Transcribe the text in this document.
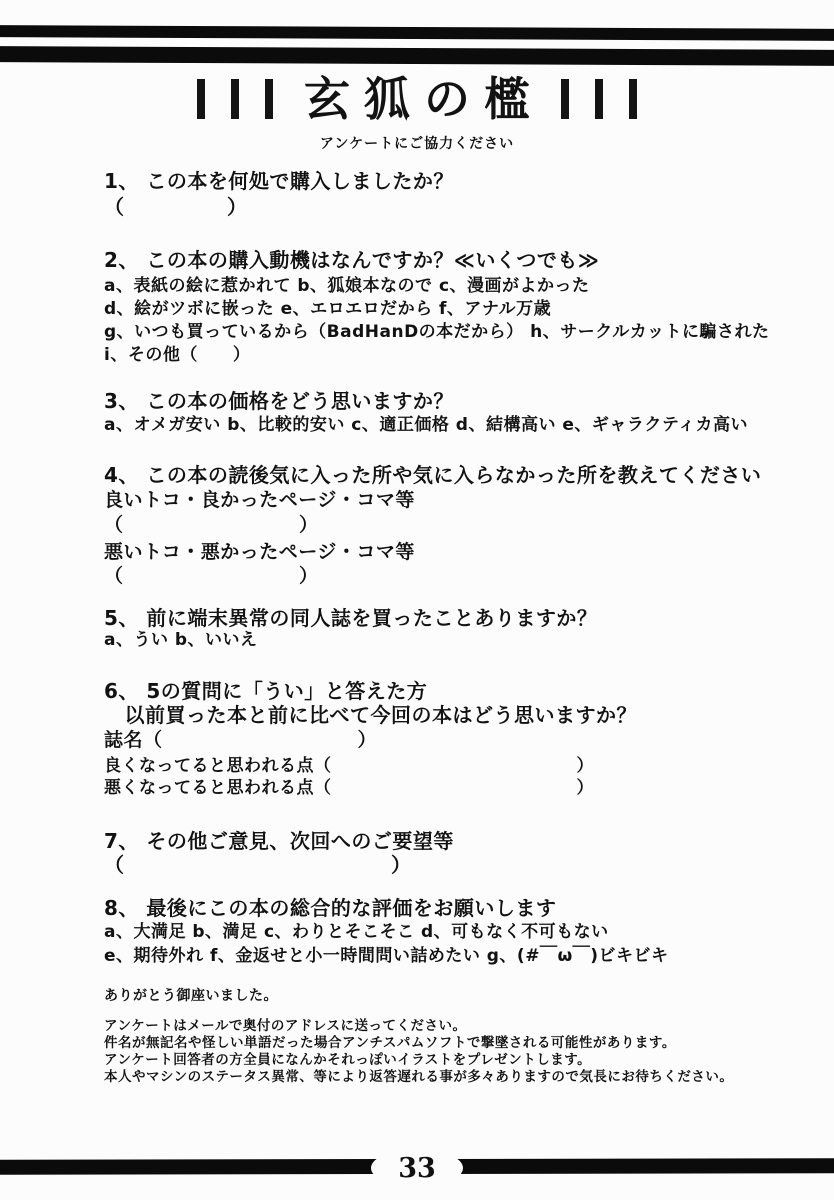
玄狐の檻
アンケートにご協力ください
1、 この本を何処で購入しましたか？
（　　　　　）
2、 この本の購入動機はなんですか？≪いくつでも≫
a、表紙の絵に惹かれて b、狐娘本なので c、漫画がよかった
d、絵がツボに嵌った e、エロエロだから f、アナル万歳
g、いつも買っているから（BadHanDの本だから） h、サークルカットに騙された
i、その他（　　）
3、 この本の価格をどう思いますか？
a、オメガ安い b、比較的安い c、適正価格 d、結構高い e、ギャラクティカ高い
4、 この本の読後気に入った所や気に入らなかった所を教えてください
良いトコ・良かったページ・コマ等
（　　　　　　　　　）
悪いトコ・悪かったページ・コマ等
（　　　　　　　　　）
5、 前に端末異常の同人誌を買ったことありますか？
a、うい b、いいえ
6、 5の質問に「うい」と答えた方
　以前買った本と前に比べて今回の本はどう思いますか？
誌名（　　　　　　　　　　）
良くなってると思われる点（　　　　　　　　　　　　　　）
悪くなってると思われる点（　　　　　　　　　　　　　　）
7、 その他ご意見、次回へのご要望等
（　　　　　　　　　　　　　）
8、 最後にこの本の総合的な評価をお願いします
a、大満足 b、満足 c、わりとそこそこ d、可もなく不可もない
e、期待外れ f、金返せと小一時間問い詰めたい g、(#￣ω￣)ビキビキ
ありがとう御座いました。
アンケートはメールで奥付のアドレスに送ってください。
件名が無記名や怪しい単語だった場合アンチスパムソフトで撃墜される可能性があります。
アンケート回答者の方全員になんかそれっぽいイラストをプレゼントします。
本人やマシンのステータス異常、等により返答遅れる事が多々ありますので気長にお待ちください。
33
